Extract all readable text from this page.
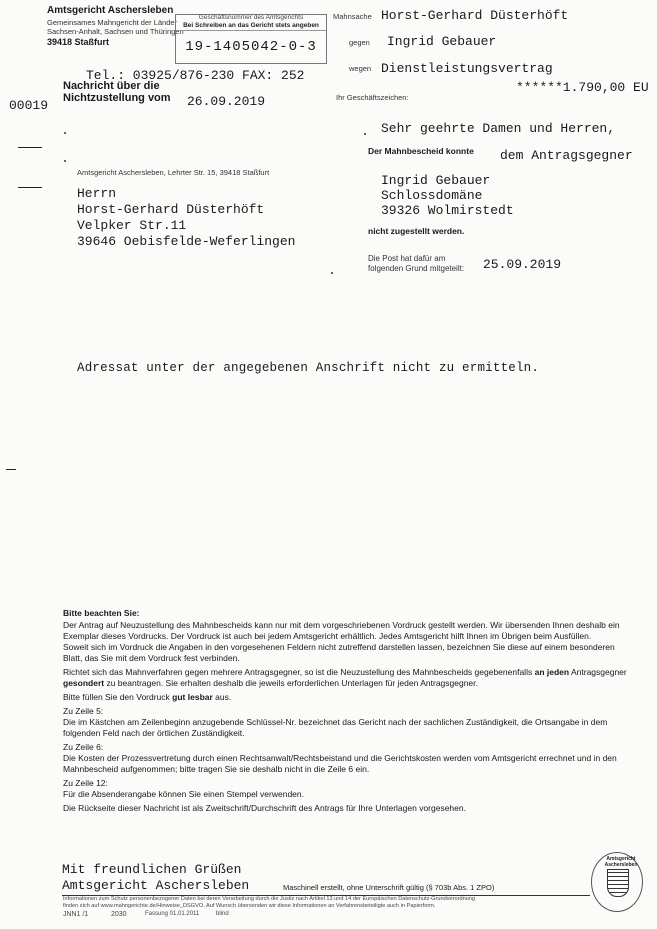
Amtsgericht Aschersleben
Gemeinsames Mahngericht der Länder
Sachsen-Anhalt, Sachsen und Thüringen
39418 Staßfurt
Geschäftsnummer des Amtsgerichts
Bei Schreiben an das Gericht stets angeben
19-1405042-0-3
Mahnsache Horst-Gerhard Düsterhöft
gegen Ingrid Gebauer
wegen Dienstleistungsvertrag
******1.790,00 EU
Ihr Geschäftszeichen:
Tel.: 03925/876-230 FAX: 252
Nachricht über die
Nichtzustellung vom 26.09.2019
00019
Sehr geehrte Damen und Herren,
Der Mahnbescheid konnte dem Antragsgegner
Amtsgericht Aschersleben, Lehrter Str. 15, 39418 Staßfurt
Herrn
Horst-Gerhard Düsterhöft
Velpker Str.11
39646 Oebisfelde-Weferlingen
Ingrid Gebauer
Schlossdomäne
39326 Wolmirstedt
nicht zugestellt werden.
Die Post hat dafür am
folgenden Grund mitgeteilt: 25.09.2019
Adressat unter der angegebenen Anschrift nicht zu ermitteln.

Bitte beachten Sie:

Der Antrag auf Neuzustellung des Mahnbescheids kann nur mit dem vorgeschriebenen Vordruck gestellt werden. Wir übersenden Ihnen deshalb ein Exemplar dieses Vordrucks. Der Vordruck ist auch bei jedem Amtsgericht erhältlich. Jedes Amtsgericht hilft Ihnen im Übrigen beim Ausfüllen.

Soweit sich im Vordruck die Angaben in den vorgesehenen Feldern nicht zutreffend darstellen lassen, bezeichnen Sie diese auf einem besonderen Blatt, das Sie mit dem Vordruck fest verbinden.

Richtet sich das Mahnverfahren gegen mehrere Antragsgegner, so ist die Neuzustellung des Mahnbescheids gegebenenfalls an jeden Antragsgegner gesondert zu beantragen. Sie erhalten deshalb die jeweils erforderlichen Unterlagen für jeden Antragsgegner.

Bitte füllen Sie den Vordruck gut lesbar aus.

Zu Zeile 5:

Die im Kästchen am Zeilenbeginn anzugebende Schlüssel-Nr. bezeichnet das Gericht nach der sachlichen Zuständigkeit, die Ortsangabe in dem folgenden Feld nach der örtlichen Zuständigkeit.

Zu Zeile 6:

Die Kosten der Prozessvertretung durch einen Rechtsanwalt/Rechtsbeistand und die Gerichtskosten werden vom Amtsgericht errechnet und in den Mahnbescheid aufgenommen; bitte tragen Sie sie deshalb nicht in die Zeile 6 ein.

Zu Zeile 12:

Für die Absenderangabe können Sie einen Stempel verwenden.

Die Rückseite dieser Nachricht ist als Zweitschrift/Durchschrift des Antrags für Ihre Unterlagen vorgesehen.

Mit freundlichen Grüßen
Amtsgericht Aschersleben	Maschinell erstellt, ohne Unterschrift gültig (§ 703b Abs. 1 ZPO)
Informationen zum Schutz personenbezogener Daten bei deren Verarbeitung durch die Justiz nach Artikel 13 und 14 der Europäischen Datenschutz-Grundverordnung
finden sich auf www.mahngerichte.de/Hinweise_DSGVO. Auf Wunsch übersenden wir diese Informationen an Verfahrensbeteiligte auch in Papierform.
JNN1 /1	2030	Fassung 01.01.2011	blind
Amtsgericht Aschersleben
